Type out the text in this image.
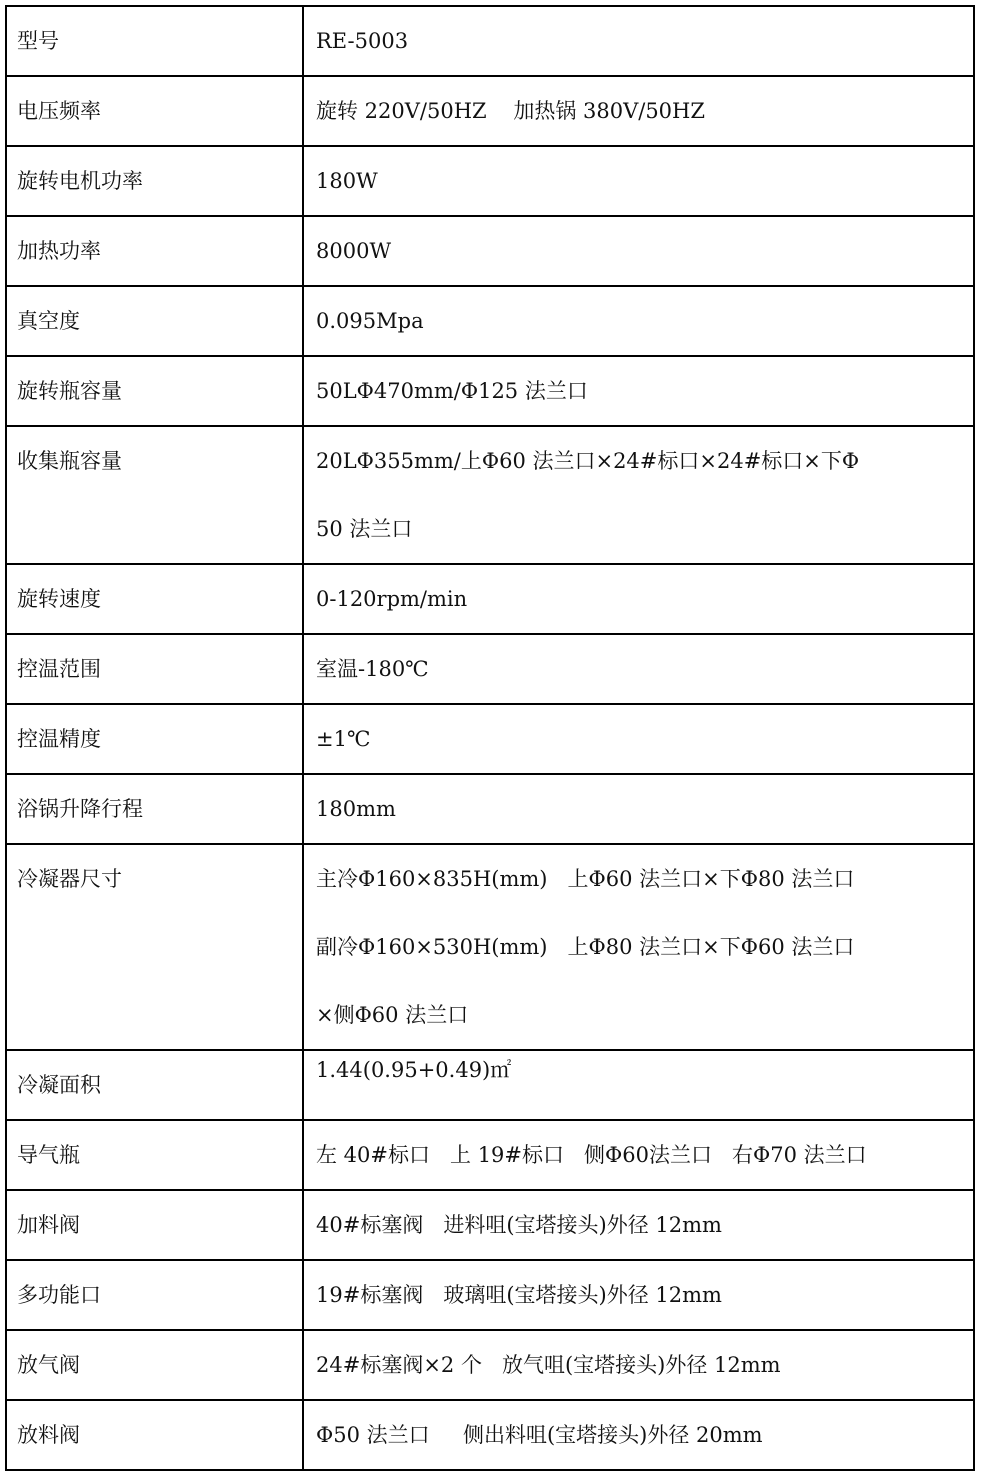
型号	RE-5003

电压频率	旋转 220V/50HZ    加热锅 380V/50HZ

旋转电机功率	180W

加热功率	8000W

真空度	0.095Mpa

旋转瓶容量	50LΦ470mm/Φ125 法兰口

收集瓶容量	20LΦ355mm/上Φ60 法兰口×24#标口×24#标口×下Φ
50 法兰口

旋转速度	0-120rpm/min

控温范围	室温-180℃

控温精度	±1℃

浴锅升降行程	180mm

冷凝器尺寸	主冷Φ160×835H(mm)   上Φ60 法兰口×下Φ80 法兰口
副冷Φ160×530H(mm)   上Φ80 法兰口×下Φ60 法兰口
×侧Φ60 法兰口

冷凝面积	1.44(0.95+0.49)㎡

导气瓶	左 40#标口   上 19#标口   侧Φ60法兰口   右Φ70 法兰口

加料阀	40#标塞阀   进料咀(宝塔接头)外径 12mm

多功能口	19#标塞阀   玻璃咀(宝塔接头)外径 12mm

放气阀	24#标塞阀×2 个   放气咀(宝塔接头)外径 12mm

放料阀	Φ50 法兰口     侧出料咀(宝塔接头)外径 20mm
